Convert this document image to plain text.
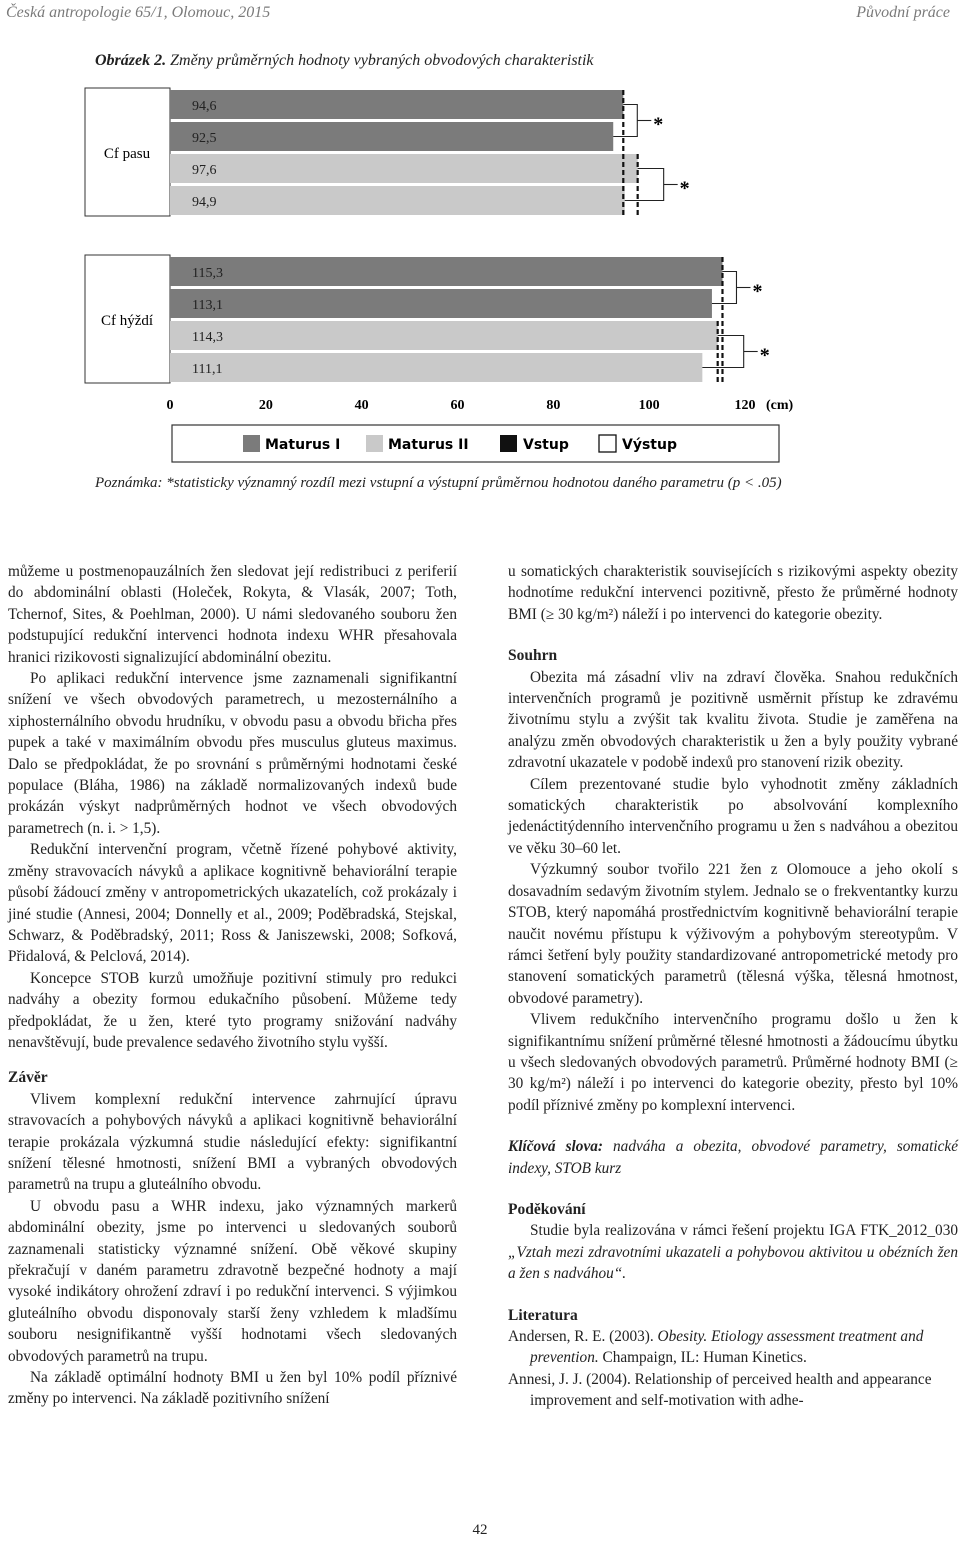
Česká antropologie 65/1, Olomouc, 2015	Původní práce
Obrázek 2. Změny průměrných hodnoty vybraných obvodových charakteristik
Cf pasu
Cf hýždí
94,6
92,5
97,6
94,9
*
*
115,3
113,1
114,3
111,1
*
*
0	20	40	60	80	100	120 (cm)
Maturus I	Maturus II	Vstup	Výstup
Poznámka: *statisticky významný rozdíl mezi vstupní a výstupní průměrnou hodnotou daného parametru (p < .05)

můžeme u postmenopauzálních žen sledovat její redistribuci z periferií do abdominální oblasti (Holeček, Rokyta, & Vlasák, 2007; Toth, Tchernof, Sites, & Poehlman, 2000). U námi sledovaného souboru žen podstupující redukční intervenci hodnota indexu WHR přesahovala hranici rizikovosti signalizující abdominální obezitu.

Po aplikaci redukční intervence jsme zaznamenali signifikantní snížení ve všech obvodových parametrech, u mezosternálního a xiphosternálního obvodu hrudníku, v obvodu pasu a obvodu břicha přes pupek a také v maximálním obvodu přes musculus gluteus maximus. Dalo se předpokládat, že po srovnání s průměrnými hodnotami české populace (Bláha, 1986) na základě normalizovaných indexů bude prokázán výskyt nadprůměrných hodnot ve všech obvodových parametrech (n. i. > 1,5).

Redukční intervenční program, včetně řízené pohybové aktivity, změny stravovacích návyků a aplikace kognitivně behaviorální terapie působí žádoucí změny v antropometrických ukazatelích, což prokázaly i jiné studie (Annesi, 2004; Donnelly et al., 2009; Poděbradská, Stejskal, Schwarz, & Poděbradský, 2011; Ross & Janiszewski, 2008; Sofková, Přidalová, & Pelclová, 2014).

Koncepce STOB kurzů umožňuje pozitivní stimuly pro redukci nadváhy a obezity formou edukačního působení. Můžeme tedy předpokládat, že u žen, které tyto programy snižování nadváhy nenavštěvují, bude prevalence sedavého životního stylu vyšší.

Závěr

Vlivem komplexní redukční intervence zahrnující úpravu stravovacích a pohybových návyků a aplikaci kognitivně behaviorální terapie prokázala výzkumná studie následující efekty: signifikantní snížení tělesné hmotnosti, snížení BMI a vybraných obvodových parametrů na trupu a gluteálního obvodu.

U obvodu pasu a WHR indexu, jako významných markerů abdominální obezity, jsme po intervenci u sledovaných souborů zaznamenali statisticky významné snížení. Obě věkové skupiny překračují v daném parametru zdravotně bezpečné hodnoty a mají vysoké indikátory ohrožení zdraví i po redukční intervenci. S výjimkou gluteálního obvodu disponovaly starší ženy vzhledem k mladšímu souboru nesignifikantně vyšší hodnotami všech sledovaných obvodových parametrů na trupu.

Na základě optimální hodnoty BMI u žen byl 10% podíl příznivé změny po intervenci. Na základě pozitivního snížení

u somatických charakteristik souvisejících s rizikovými aspekty obezity hodnotíme redukční intervenci pozitivně, přesto že průměrné hodnoty BMI (≥ 30 kg/m²) náleží i po intervenci do kategorie obezity.

Souhrn

Obezita má zásadní vliv na zdraví člověka. Snahou redukčních intervenčních programů je pozitivně usměrnit přístup ke zdravému životnímu stylu a zvýšit tak kvalitu života. Studie je zaměřena na analýzu změn obvodových charakteristik u žen a byly použity vybrané zdravotní ukazatele v podobě indexů pro stanovení rizik obezity.

Cílem prezentované studie bylo vyhodnotit změny základních somatických charakteristik po absolvování komplexního jedenáctitýdenního intervenčního programu u žen s nadváhou a obezitou ve věku 30–60 let.

Výzkumný soubor tvořilo 221 žen z Olomouce a jeho okolí s dosavadním sedavým životním stylem. Jednalo se o frekventantky kurzu STOB, který napomáhá prostřednictvím kognitivně behaviorální terapie naučit novému přístupu k výživovým a pohybovým stereotypům. V rámci šetření byly použity standardizované antropometrické metody pro stanovení somatických parametrů (tělesná výška, tělesná hmotnost, obvodové parametry).

Vlivem redukčního intervenčního programu došlo u žen k signifikantnímu snížení průměrné tělesné hmotnosti a žádoucímu úbytku u všech sledovaných obvodových parametrů. Průměrné hodnoty BMI (≥ 30 kg/m²) náleží i po intervenci do kategorie obezity, přesto byl 10% podíl příznivé změny po komplexní intervenci.

Klíčová slova: nadváha a obezita, obvodové parametry, somatické indexy, STOB kurz

Poděkování

Studie byla realizována v rámci řešení projektu IGA FTK_2012_030 „Vztah mezi zdravotními ukazateli a pohybovou aktivitou u obézních žen a žen s nadváhou“.

Literatura

Andersen, R. E. (2003). Obesity. Etiology assessment treatment and prevention. Champaign, IL: Human Kinetics.

Annesi, J. J. (2004). Relationship of perceived health and appearance improvement and self-motivation with adhe-

42
